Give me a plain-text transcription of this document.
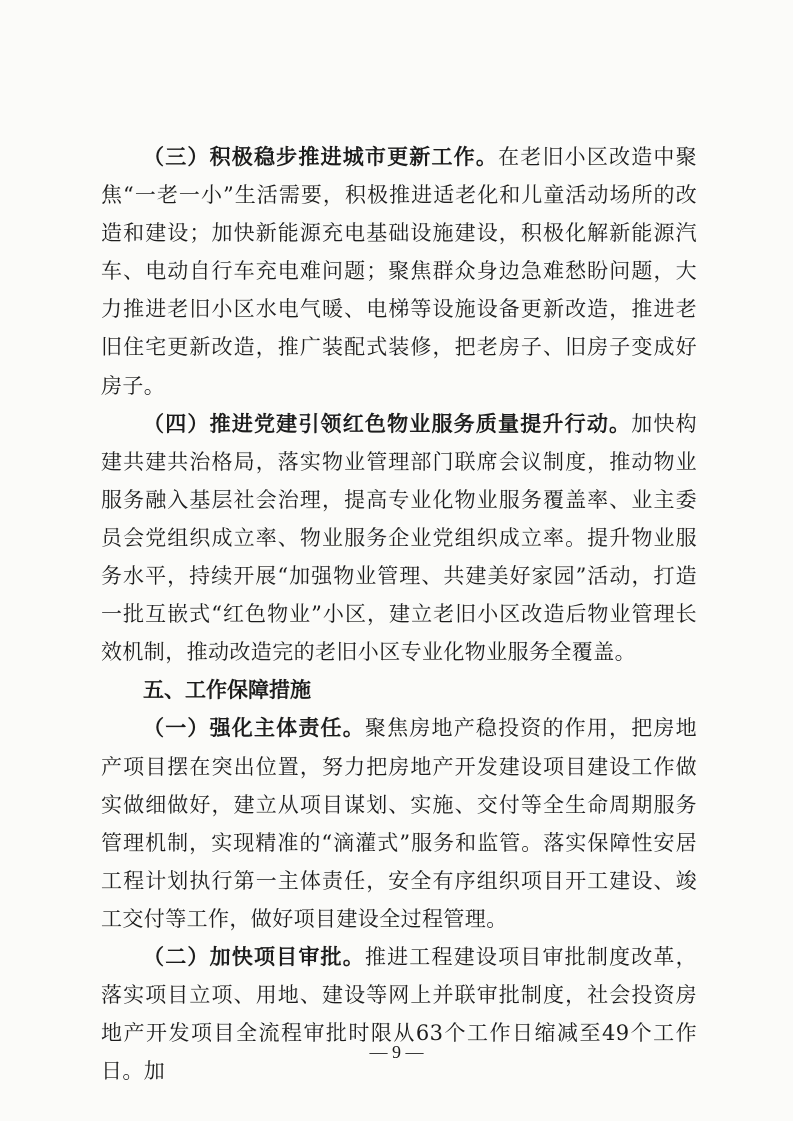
（三）积极稳步推进城市更新工作。在老旧小区改造中聚焦“一老一小”生活需要，积极推进适老化和儿童活动场所的改造和建设；加快新能源充电基础设施建设，积极化解新能源汽车、电动自行车充电难问题；聚焦群众身边急难愁盼问题，大力推进老旧小区水电气暖、电梯等设施设备更新改造，推进老旧住宅更新改造，推广装配式装修，把老房子、旧房子变成好房子。

（四）推进党建引领红色物业服务质量提升行动。加快构建共建共治格局，落实物业管理部门联席会议制度，推动物业服务融入基层社会治理，提高专业化物业服务覆盖率、业主委员会党组织成立率、物业服务企业党组织成立率。提升物业服务水平，持续开展“加强物业管理、共建美好家园”活动，打造一批互嵌式“红色物业”小区，建立老旧小区改造后物业管理长效机制，推动改造完的老旧小区专业化物业服务全覆盖。

五、工作保障措施

（一）强化主体责任。聚焦房地产稳投资的作用，把房地产项目摆在突出位置，努力把房地产开发建设项目建设工作做实做细做好，建立从项目谋划、实施、交付等全生命周期服务管理机制，实现精准的“滴灌式”服务和监管。落实保障性安居工程计划执行第一主体责任，安全有序组织项目开工建设、竣工交付等工作，做好项目建设全过程管理。

（二）加快项目审批。推进工程建设项目审批制度改革，落实项目立项、用地、建设等网上并联审批制度，社会投资房地产开发项目全流程审批时限从63个工作日缩减至49个工作日。加

— 9 —
